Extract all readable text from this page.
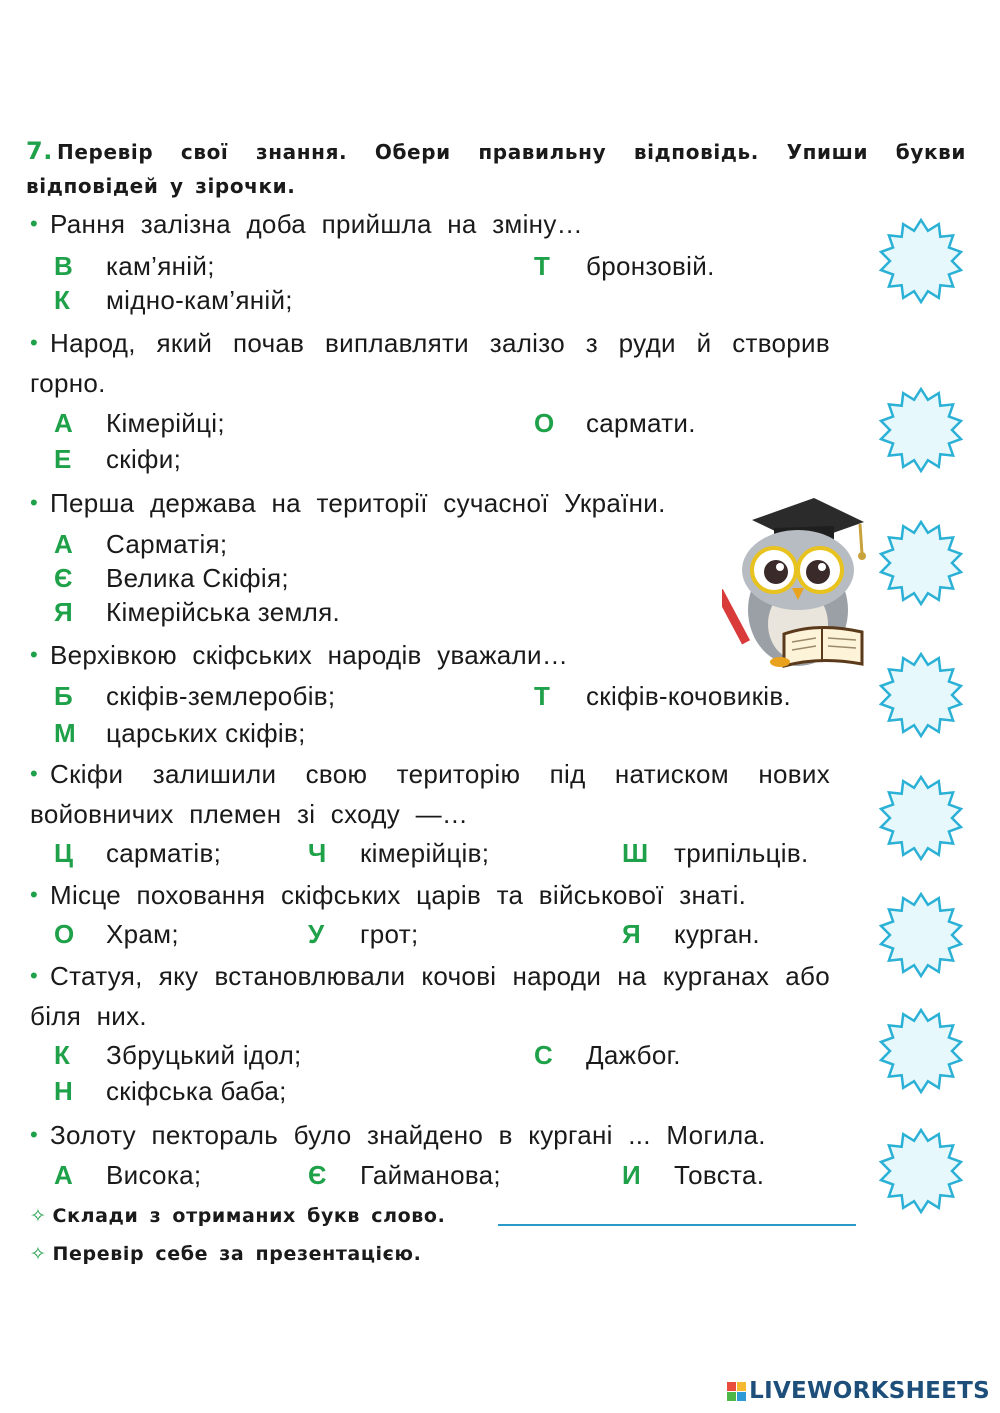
7. Перевір свої знання. Обери правильну відповідь. Упиши букви відповідей у зірочки.
• Рання залізна доба прийшла на зміну…
В кам’яній;	Т бронзовій.
К мідно-кам’яній;
• Народ, який почав виплавляти залізо з руди й створив горно.
А Кімерійці;	О сармати.
Е скіфи;
• Перша держава на території сучасної України.
А Сарматія;
Є Велика Скіфія;
Я Кімерійська земля.
• Верхівкою скіфських народів уважали…
Б скіфів-землеробів;	Т скіфів-кочовиків.
М царських скіфів;
• Скіфи залишили свою територію під натиском нових войовничих племен зі сходу —…
Ц сарматів;	Ч кімерійців;	Ш трипільців.
• Місце поховання скіфських царів та військової знаті.
О Храм;	У грот;	Я курган.
• Статуя, яку встановлювали кочові народи на курганах або біля них.
К Збруцький ідол;	С Дажбог.
Н скіфська баба;
• Золоту пектораль було знайдено в кургані ... Могила.
А Висока;	Є Гайманова;	И Товста.
✧ Склади з отриманих букв слово.
✧ Перевір себе за презентацією.
LIVEWORKSHEETS
